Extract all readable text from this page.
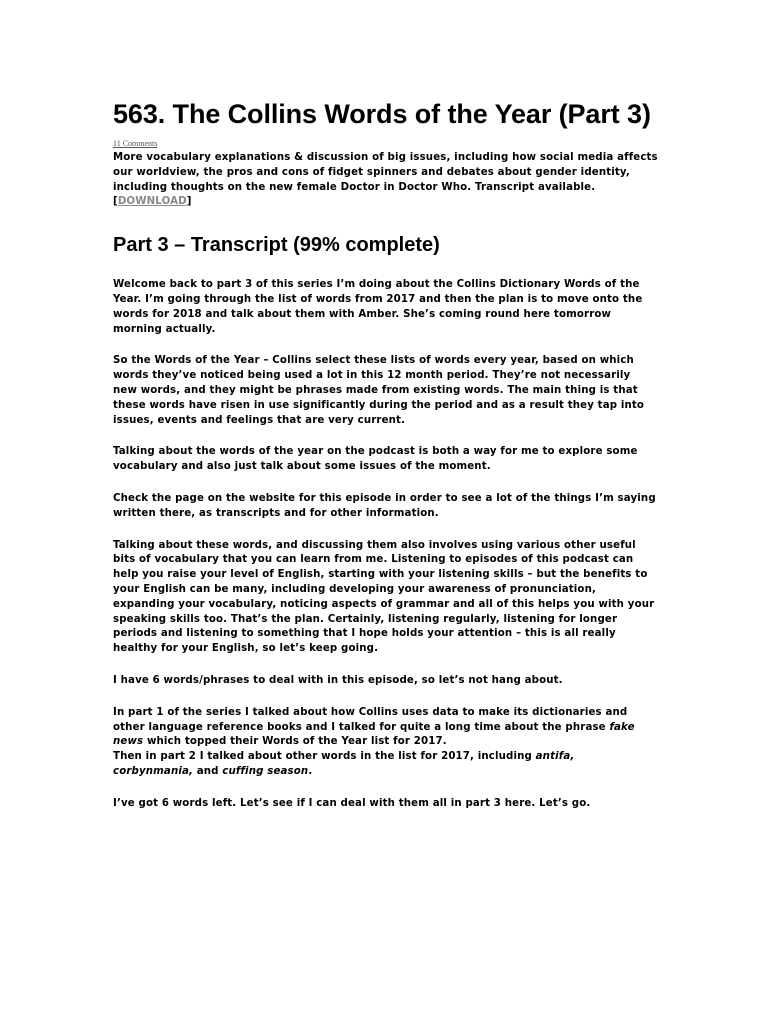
563. The Collins Words of the Year (Part 3)
11 Comments

More vocabulary explanations & discussion of big issues, including how social media affects our worldview, the pros and cons of fidget spinners and debates about gender identity, including thoughts on the new female Doctor in Doctor Who. Transcript available.
[DOWNLOAD]

Part 3 – Transcript (99% complete)

Welcome back to part 3 of this series I’m doing about the Collins Dictionary Words of the Year. I’m going through the list of words from 2017 and then the plan is to move onto the words for 2018 and talk about them with Amber. She’s coming round here tomorrow morning actually.

So the Words of the Year – Collins select these lists of words every year, based on which words they’ve noticed being used a lot in this 12 month period. They’re not necessarily new words, and they might be phrases made from existing words. The main thing is that these words have risen in use significantly during the period and as a result they tap into issues, events and feelings that are very current.

Talking about the words of the year on the podcast is both a way for me to explore some vocabulary and also just talk about some issues of the moment.

Check the page on the website for this episode in order to see a lot of the things I’m saying written there, as transcripts and for other information.

Talking about these words, and discussing them also involves using various other useful bits of vocabulary that you can learn from me. Listening to episodes of this podcast can help you raise your level of English, starting with your listening skills – but the benefits to your English can be many, including developing your awareness of pronunciation, expanding your vocabulary, noticing aspects of grammar and all of this helps you with your speaking skills too. That’s the plan. Certainly, listening regularly, listening for longer periods and listening to something that I hope holds your attention – this is all really healthy for your English, so let’s keep going.

I have 6 words/phrases to deal with in this episode, so let’s not hang about.

In part 1 of the series I talked about how Collins uses data to make its dictionaries and other language reference books and I talked for quite a long time about the phrase fake
news which topped their Words of the Year list for 2017.
Then in part 2 I talked about other words in the list for 2017, including antifa,
corbynmania, and cuffing season.

I’ve got 6 words left. Let’s see if I can deal with them all in part 3 here. Let’s go.
